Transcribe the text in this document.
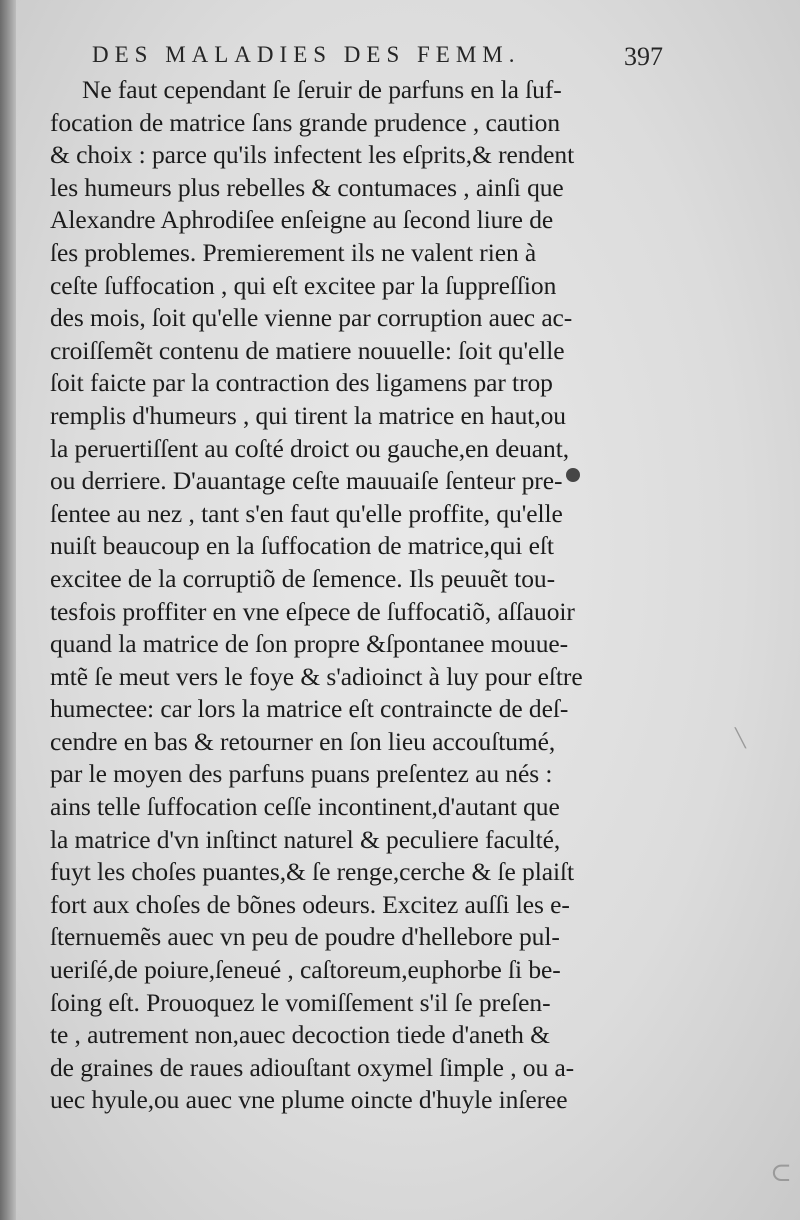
⊂
╲
DES MALADIES DES FEMM.	397
Ne faut cependant ſe ſeruir de parfuns en la ſuf-
focation de matrice ſans grande prudence , caution
& choix : parce qu'ils infectent les eſprits,& rendent
les humeurs plus rebelles & contumaces , ainſi que
Alexandre Aphrodiſee enſeigne au ſecond liure de
ſes problemes. Premierement ils ne valent rien à
ceſte ſuffocation , qui eſt excitee par la ſuppreſſion
des mois, ſoit qu'elle vienne par corruption auec ac-
croiſſemẽt contenu de matiere nouuelle: ſoit qu'elle
ſoit faicte par la contraction des ligamens par trop
remplis d'humeurs , qui tirent la matrice en haut,ou
la peruertiſſent au coſté droict ou gauche,en deuant,
ou derriere. D'auantage ceſte mauuaiſe ſenteur pre-
ſentee au nez , tant s'en faut qu'elle proffite, qu'elle
nuiſt beaucoup en la ſuffocation de matrice,qui eſt
excitee de la corruptiõ de ſemence. Ils peuuẽt tou-
tesfois proffiter en vne eſpece de ſuffocatiõ, aſſauoir
quand la matrice de ſon propre &ſpontanee mouue-
mtẽ ſe meut vers le foye & s'adioinct à luy pour eſtre
humectee: car lors la matrice eſt contraincte de deſ-
cendre en bas & retourner en ſon lieu accouſtumé,
par le moyen des parfuns puans preſentez au nés :
ains telle ſuffocation ceſſe incontinent,d'autant que
la matrice d'vn inſtinct naturel & peculiere faculté,
fuyt les choſes puantes,& ſe renge,cerche & ſe plaiſt
fort aux choſes de bõnes odeurs. Excitez auſſi les e-
ſternuemẽs auec vn peu de poudre d'hellebore pul-
ueriſé,de poiure,ſeneué , caſtoreum,euphorbe ſi be-
ſoing eſt. Prouoquez le vomiſſement s'il ſe preſen-
te , autrement non,auec decoction tiede d'aneth &
de graines de raues adiouſtant oxymel ſimple , ou a-
uec hyule,ou auec vne plume oincte d'huyle inſeree
